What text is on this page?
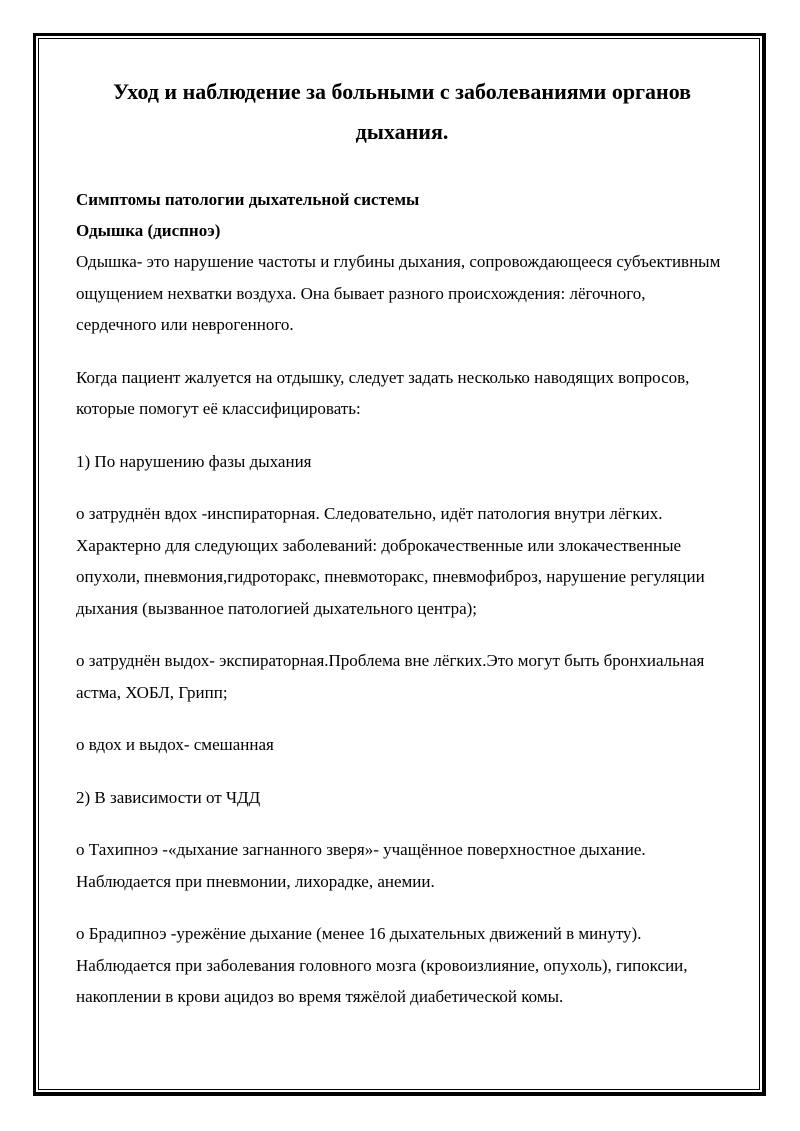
Уход и наблюдение за больными с заболеваниями органов дыхания.

Симптомы патологии дыхательной системы

Одышка (диспноэ)

Одышка- это нарушение частоты и глубины дыхания, сопровождающееся субъективным ощущением нехватки воздуха. Она бывает разного происхождения: лёгочного, сердечного или неврогенного.

Когда пациент жалуется на отдышку, следует задать несколько наводящих вопросов, которые помогут её классифицировать:

1) По нарушению фазы дыхания

о затруднён вдох -инспираторная. Следовательно, идёт патология внутри лёгких. Характерно для следующих заболеваний: доброкачественные или злокачественные опухоли, пневмония,гидроторакс, пневмоторакс, пневмофиброз, нарушение регуляции дыхания (вызванное патологией дыхательного центра);

о затруднён выдох- экспираторная.Проблема вне лёгких.Это могут быть бронхиальная астма, ХОБЛ, Грипп;

о вдох и выдох- смешанная

2) В зависимости от ЧДД

о Тахипноэ -«дыхание загнанного зверя»- учащённое поверхностное дыхание. Наблюдается при пневмонии, лихорадке, анемии.

о Брадипноэ -урежёние дыхание (менее 16 дыхательных движений в минуту). Наблюдается при заболевания головного мозга (кровоизлияние, опухоль), гипоксии, накоплении в крови ацидоз во время тяжёлой диабетической комы.
